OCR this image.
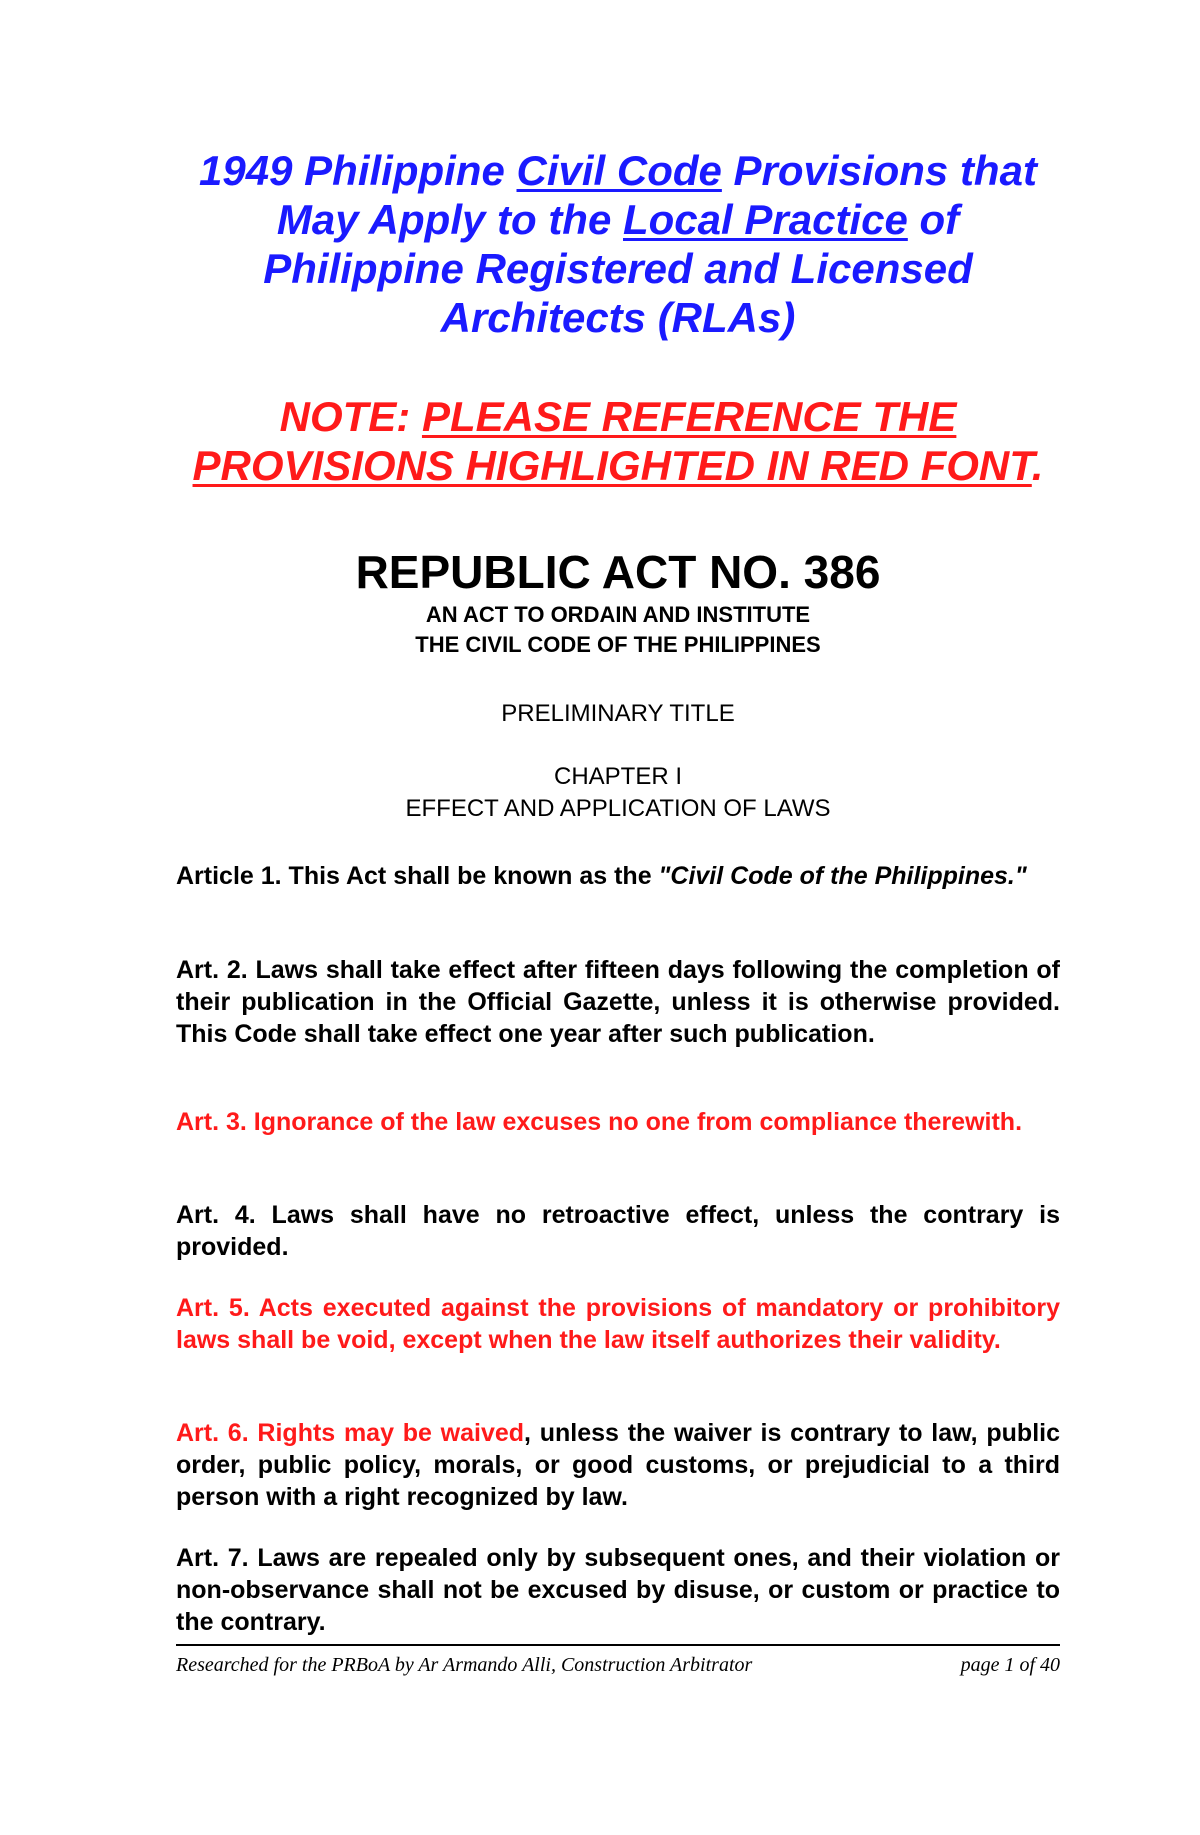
1949 Philippine Civil Code Provisions that May Apply to the Local Practice of Philippine Registered and Licensed Architects (RLAs)
NOTE: PLEASE REFERENCE THE PROVISIONS HIGHLIGHTED IN RED FONT.
REPUBLIC ACT NO. 386
AN ACT TO ORDAIN AND INSTITUTE
THE CIVIL CODE OF THE PHILIPPINES
PRELIMINARY TITLE
CHAPTER I
EFFECT AND APPLICATION OF LAWS
Article 1. This Act shall be known as the "Civil Code of the Philippines."
Art. 2. Laws shall take effect after fifteen days following the completion of their publication in the Official Gazette, unless it is otherwise provided. This Code shall take effect one year after such publication.
Art. 3. Ignorance of the law excuses no one from compliance therewith.
Art. 4. Laws shall have no retroactive effect, unless the contrary is provided.
Art. 5. Acts executed against the provisions of mandatory or prohibitory laws shall be void, except when the law itself authorizes their validity.
Art. 6. Rights may be waived, unless the waiver is contrary to law, public order, public policy, morals, or good customs, or prejudicial to a third person with a right recognized by law.
Art. 7. Laws are repealed only by subsequent ones, and their violation or non-observance shall not be excused by disuse, or custom or practice to the contrary.
Researched for the PRBoA by Ar Armando Alli, Construction Arbitrator	page 1 of 40
